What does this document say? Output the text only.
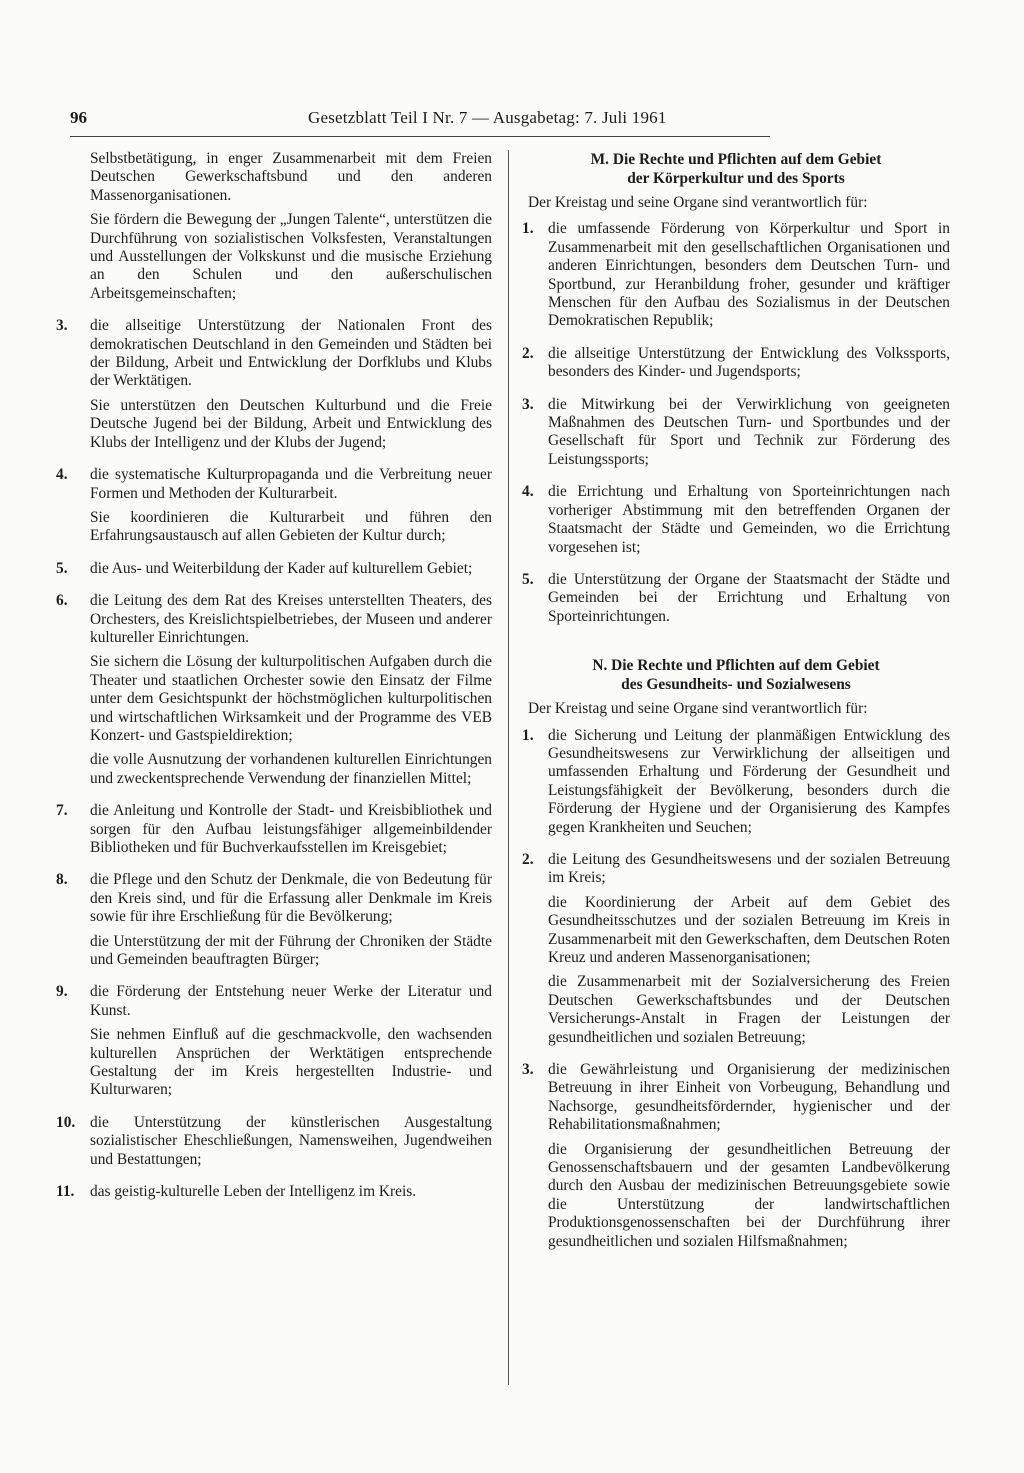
96	Gesetzblatt Teil I Nr. 7 — Ausgabetag: 7. Juli 1961

Selbstbetätigung, in enger Zusammenarbeit mit dem Freien Deutschen Gewerkschaftsbund und den anderen Massenorganisationen.

Sie fördern die Bewegung der „Jungen Talente“, unterstützen die Durchführung von sozialistischen Volksfesten, Veranstaltungen und Ausstellungen der Volkskunst und die musische Erziehung an den Schulen und den außerschulischen Arbeitsgemeinschaften;

3. die allseitige Unterstützung der Nationalen Front des demokratischen Deutschland in den Gemeinden und Städten bei der Bildung, Arbeit und Entwicklung der Dorfklubs und Klubs der Werktätigen.
Sie unterstützen den Deutschen Kulturbund und die Freie Deutsche Jugend bei der Bildung, Arbeit und Entwicklung des Klubs der Intelligenz und der Klubs der Jugend;
4. die systematische Kulturpropaganda und die Verbreitung neuer Formen und Methoden der Kulturarbeit.
Sie koordinieren die Kulturarbeit und führen den Erfahrungsaustausch auf allen Gebieten der Kultur durch;
5. die Aus- und Weiterbildung der Kader auf kulturellem Gebiet;
6. die Leitung des dem Rat des Kreises unterstellten Theaters, des Orchesters, des Kreislichtspielbetriebes, der Museen und anderer kultureller Einrichtungen.
Sie sichern die Lösung der kulturpolitischen Aufgaben durch die Theater und staatlichen Orchester sowie den Einsatz der Filme unter dem Gesichtspunkt der höchstmöglichen kulturpolitischen und wirtschaftlichen Wirksamkeit und der Programme des VEB Konzert- und Gastspieldirektion;
die volle Ausnutzung der vorhandenen kulturellen Einrichtungen und zweckentsprechende Verwendung der finanziellen Mittel;
7. die Anleitung und Kontrolle der Stadt- und Kreisbibliothek und sorgen für den Aufbau leistungsfähiger allgemeinbildender Bibliotheken und für Buchverkaufsstellen im Kreisgebiet;
8. die Pflege und den Schutz der Denkmale, die von Bedeutung für den Kreis sind, und für die Erfassung aller Denkmale im Kreis sowie für ihre Erschließung für die Bevölkerung;
die Unterstützung der mit der Führung der Chroniken der Städte und Gemeinden beauftragten Bürger;
9. die Förderung der Entstehung neuer Werke der Literatur und Kunst.
Sie nehmen Einfluß auf die geschmackvolle, den wachsenden kulturellen Ansprüchen der Werktätigen entsprechende Gestaltung der im Kreis hergestellten Industrie- und Kulturwaren;
10. die Unterstützung der künstlerischen Ausgestaltung sozialistischer Eheschließungen, Namensweihen, Jugendweihen und Bestattungen;
11. das geistig-kulturelle Leben der Intelligenz im Kreis.
M. Die Rechte und Pflichten auf dem Gebiet
der Körperkultur und des Sports

Der Kreistag und seine Organe sind verantwortlich für:

1. die umfassende Förderung von Körperkultur und Sport in Zusammenarbeit mit den gesellschaftlichen Organisationen und anderen Einrichtungen, besonders dem Deutschen Turn- und Sportbund, zur Heranbildung froher, gesunder und kräftiger Menschen für den Aufbau des Sozialismus in der Deutschen Demokratischen Republik;
2. die allseitige Unterstützung der Entwicklung des Volkssports, besonders des Kinder- und Jugendsports;
3. die Mitwirkung bei der Verwirklichung von geeigneten Maßnahmen des Deutschen Turn- und Sportbundes und der Gesellschaft für Sport und Technik zur Förderung des Leistungssports;
4. die Errichtung und Erhaltung von Sporteinrichtungen nach vorheriger Abstimmung mit den betreffenden Organen der Staatsmacht der Städte und Gemeinden, wo die Errichtung vorgesehen ist;
5. die Unterstützung der Organe der Staatsmacht der Städte und Gemeinden bei der Errichtung und Erhaltung von Sporteinrichtungen.
N. Die Rechte und Pflichten auf dem Gebiet
des Gesundheits- und Sozialwesens

Der Kreistag und seine Organe sind verantwortlich für:

1. die Sicherung und Leitung der planmäßigen Entwicklung des Gesundheitswesens zur Verwirklichung der allseitigen und umfassenden Erhaltung und Förderung der Gesundheit und Leistungsfähigkeit der Bevölkerung, besonders durch die Förderung der Hygiene und der Organisierung des Kampfes gegen Krankheiten und Seuchen;
2. die Leitung des Gesundheitswesens und der sozialen Betreuung im Kreis;
die Koordinierung der Arbeit auf dem Gebiet des Gesundheitsschutzes und der sozialen Betreuung im Kreis in Zusammenarbeit mit den Gewerkschaften, dem Deutschen Roten Kreuz und anderen Massenorganisationen;
die Zusammenarbeit mit der Sozialversicherung des Freien Deutschen Gewerkschaftsbundes und der Deutschen Versicherungs-Anstalt in Fragen der Leistungen der gesundheitlichen und sozialen Betreuung;
3. die Gewährleistung und Organisierung der medizinischen Betreuung in ihrer Einheit von Vorbeugung, Behandlung und Nachsorge, gesundheitsfördernder, hygienischer und der Rehabilitationsmaßnahmen;
die Organisierung der gesundheitlichen Betreuung der Genossenschaftsbauern und der gesamten Landbevölkerung durch den Ausbau der medizinischen Betreuungsgebiete sowie die Unterstützung der landwirtschaftlichen Produktionsgenossenschaften bei der Durchführung ihrer gesundheitlichen und sozialen Hilfsmaßnahmen;
